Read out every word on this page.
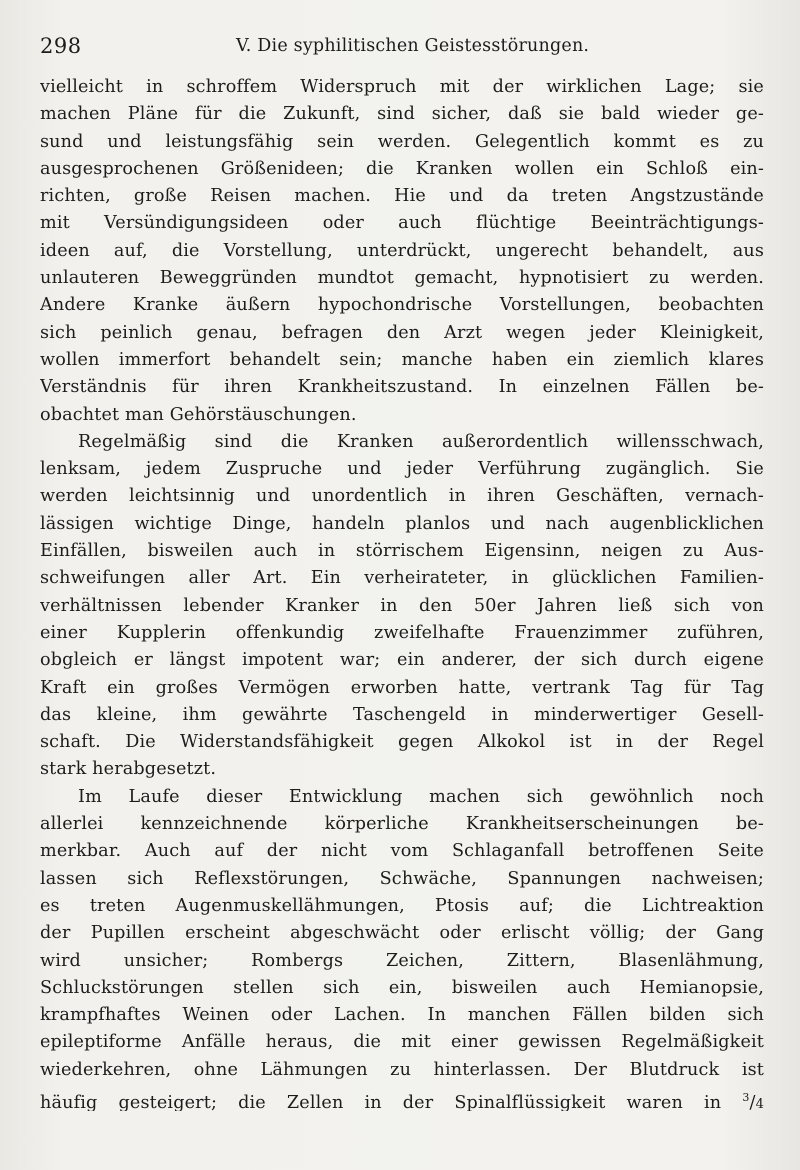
298	V. Die syphilitischen Geistesstörungen.
vielleicht in schroffem Widerspruch mit der wirklichen Lage; sie
machen Pläne für die Zukunft, sind sicher, daß sie bald wieder ge-
sund und leistungsfähig sein werden. Gelegentlich kommt es zu
ausgesprochenen Größenideen; die Kranken wollen ein Schloß ein-
richten, große Reisen machen. Hie und da treten Angstzustände
mit Versündigungsideen oder auch flüchtige Beeinträchtigungs-
ideen auf, die Vorstellung, unterdrückt, ungerecht behandelt, aus
unlauteren Beweggründen mundtot gemacht, hypnotisiert zu werden.
Andere Kranke äußern hypochondrische Vorstellungen, beobachten
sich peinlich genau, befragen den Arzt wegen jeder Kleinigkeit,
wollen immerfort behandelt sein; manche haben ein ziemlich klares
Verständnis für ihren Krankheitszustand. In einzelnen Fällen be-
obachtet man Gehörstäuschungen.
Regelmäßig sind die Kranken außerordentlich willensschwach,
lenksam, jedem Zuspruche und jeder Verführung zugänglich. Sie
werden leichtsinnig und unordentlich in ihren Geschäften, vernach-
lässigen wichtige Dinge, handeln planlos und nach augenblicklichen
Einfällen, bisweilen auch in störrischem Eigensinn, neigen zu Aus-
schweifungen aller Art. Ein verheirateter, in glücklichen Familien-
verhältnissen lebender Kranker in den 50er Jahren ließ sich von
einer Kupplerin offenkundig zweifelhafte Frauenzimmer zuführen,
obgleich er längst impotent war; ein anderer, der sich durch eigene
Kraft ein großes Vermögen erworben hatte, vertrank Tag für Tag
das kleine, ihm gewährte Taschengeld in minderwertiger Gesell-
schaft. Die Widerstandsfähigkeit gegen Alkokol ist in der Regel
stark herabgesetzt.
Im Laufe dieser Entwicklung machen sich gewöhnlich noch
allerlei kennzeichnende körperliche Krankheitserscheinungen be-
merkbar. Auch auf der nicht vom Schlaganfall betroffenen Seite
lassen sich Reflexstörungen, Schwäche, Spannungen nachweisen;
es treten Augenmuskellähmungen, Ptosis auf; die Lichtreaktion
der Pupillen erscheint abgeschwächt oder erlischt völlig; der Gang
wird unsicher; Rombergs Zeichen, Zittern, Blasenlähmung,
Schluckstörungen stellen sich ein, bisweilen auch Hemianopsie,
krampfhaftes Weinen oder Lachen. In manchen Fällen bilden sich
epileptiforme Anfälle heraus, die mit einer gewissen Regelmäßigkeit
wiederkehren, ohne Lähmungen zu hinterlassen. Der Blutdruck ist
häufig gesteigert; die Zellen in der Spinalflüssigkeit waren in $^3$/4
